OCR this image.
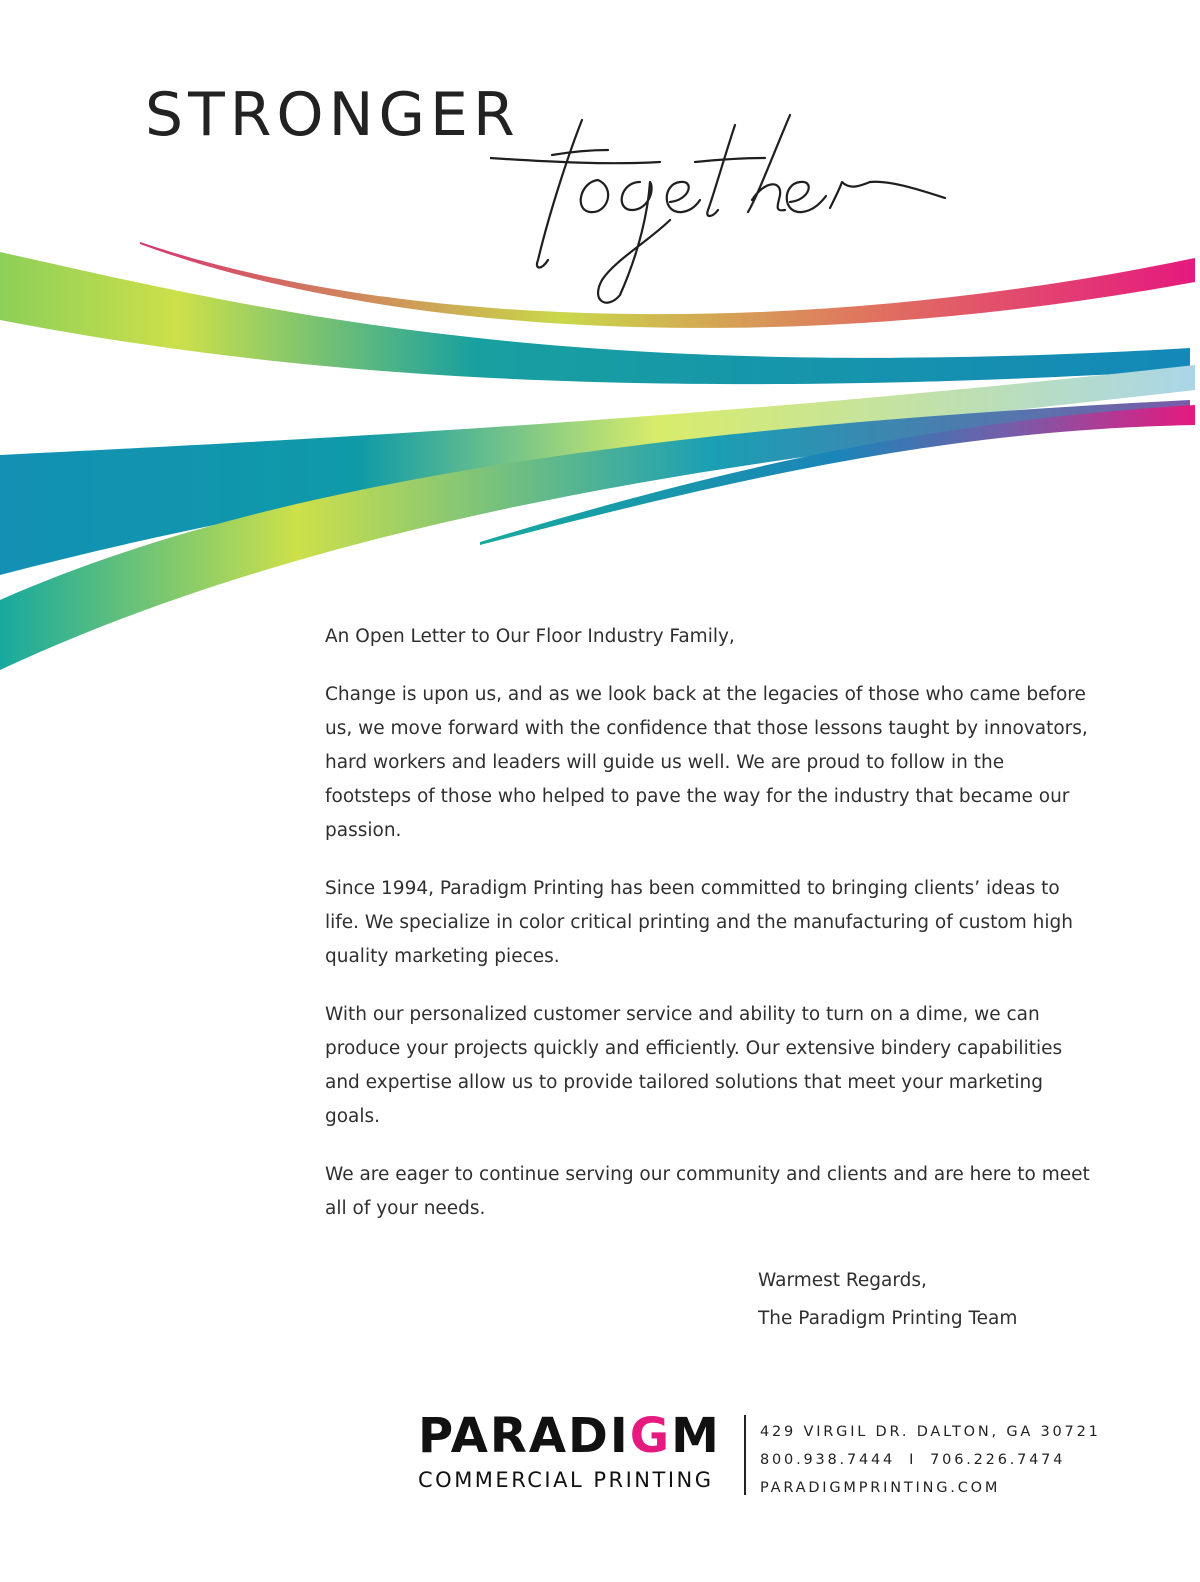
STRONGER

An Open Letter to Our Floor Industry Family,

Change is upon us, and as we look back at the legacies of those who came before us, we move forward with the confidence that those lessons taught by innovators, hard workers and leaders will guide us well. We are proud to follow in the footsteps of those who helped to pave the way for the industry that became our passion.

Since 1994, Paradigm Printing has been committed to bringing clients’ ideas to life. We specialize in color critical printing and the manufacturing of custom high quality marketing pieces.

With our personalized customer service and ability to turn on a dime, we can produce your projects quickly and efficiently. Our extensive bindery capabilities and expertise allow us to provide tailored solutions that meet your marketing goals.

We are eager to continue serving our community and clients and are here to meet all of your needs.

Warmest Regards,
The Paradigm Printing Team
PARADIGM
COMMERCIAL PRINTING
429 VIRGIL DR. DALTON, GA 30721
800.938.7444 I 706.226.7474
PARADIGMPRINTING.COM
